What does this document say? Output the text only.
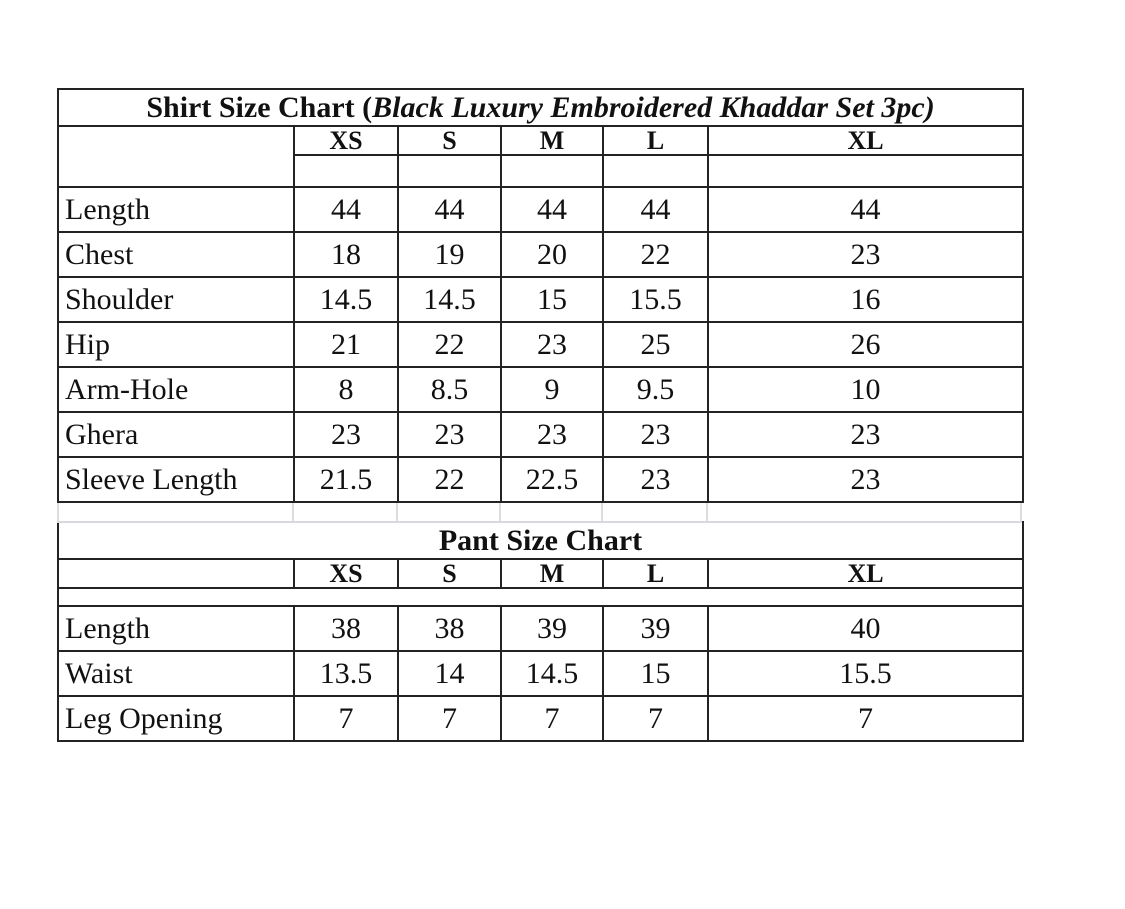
Shirt Size Chart (Black Luxury Embroidered Khaddar Set 3pc)					
	XS	S	M	L	XL

Length	44	44	44	44	44
Chest	18	19	20	22	23
Shoulder	14.5	14.5	15	15.5	16
Hip	21	22	23	25	26
Arm-Hole	8	8.5	9	9.5	10
Ghera	23	23	23	23	23
Sleeve Length	21.5	22	22.5	23	23
Pant Size Chart					
	XS	S	M	L	XL

Length	38	38	39	39	40
Waist	13.5	14	14.5	15	15.5
Leg Opening	7	7	7	7	7
